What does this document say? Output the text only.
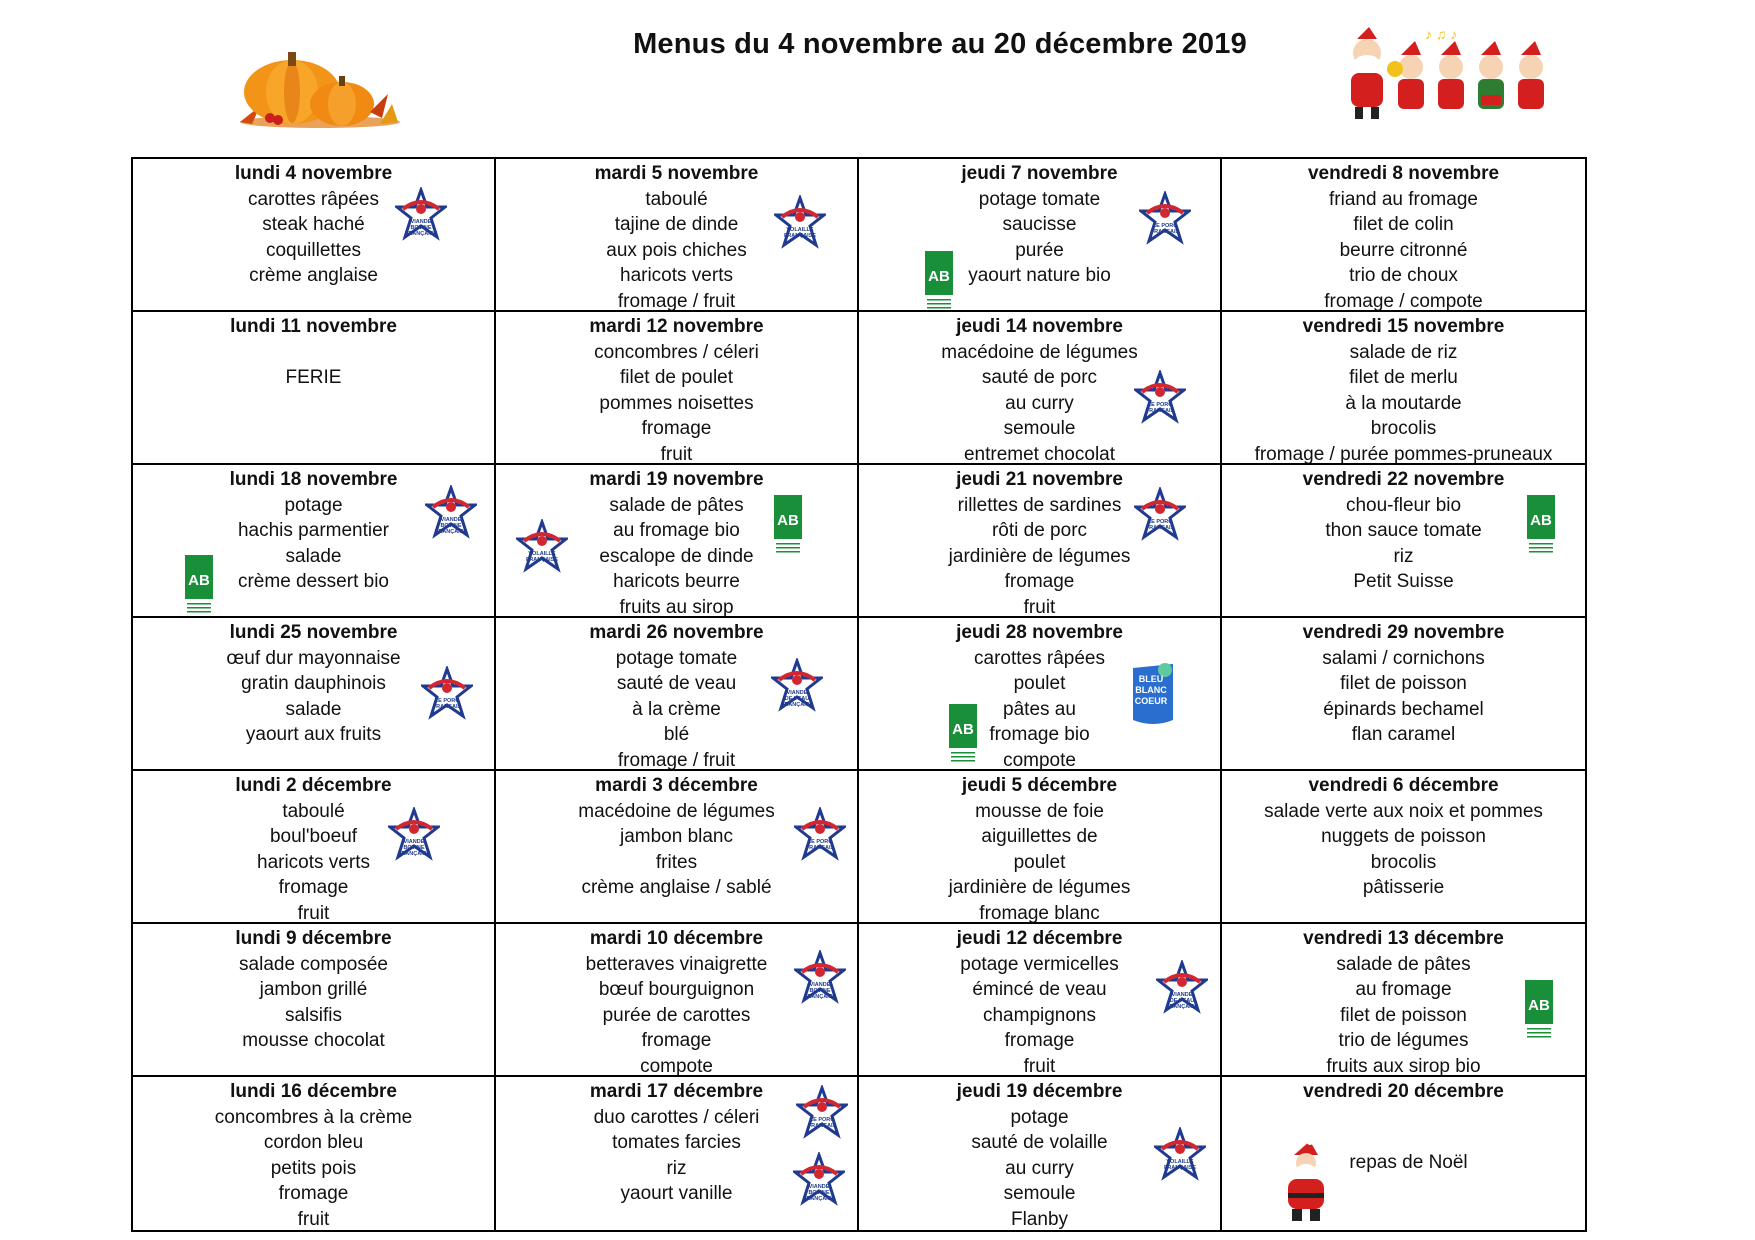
Menus du 4 novembre au 20 décembre 2019	♪ ♫ ♪
lundi 4 novembre
carottes râpées
steak haché
coquillettes
crème anglaise
VIANDE
BOVINE
FRANÇAISE
mardi 5 novembre
taboulé
tajine de dinde
aux pois chiches
haricots verts
fromage / fruit
VOLAILLE
FRANÇAISE
jeudi 7 novembre
potage tomate
saucisse
purée
yaourt nature bio
LE PORC
FRANÇAIS
AB
vendredi 8 novembre
friand au fromage
filet de colin
beurre citronné
trio de choux
fromage / compote
lundi 11 novembre
FERIE
mardi 12 novembre
concombres / céleri
filet de poulet
pommes noisettes
fromage
fruit
jeudi 14 novembre
macédoine de légumes
sauté de porc
au curry
semoule
entremet chocolat
LE PORC
FRANÇAIS
vendredi 15 novembre
salade de riz
filet de merlu
à la moutarde
brocolis
fromage / purée pommes-pruneaux
lundi 18 novembre
potage
hachis parmentier
salade
crème dessert bio
VIANDE
BOVINE
FRANÇAISE
AB
mardi 19 novembre
salade de pâtes
au fromage bio
escalope de dinde
haricots beurre
fruits au sirop
VOLAILLE
FRANÇAISE
AB
jeudi 21 novembre
rillettes de sardines
rôti de porc
jardinière de légumes
fromage
fruit
LE PORC
FRANÇAIS
vendredi 22 novembre
chou-fleur bio
thon sauce tomate
riz
Petit Suisse
AB
lundi 25 novembre
œuf dur mayonnaise
gratin dauphinois
salade
yaourt aux fruits
LE PORC
FRANÇAIS
mardi 26 novembre
potage tomate
sauté de veau
à la crème
blé
fromage / fruit
VIANDE
DE VEAU
FRANÇAISE
jeudi 28 novembre
carottes râpées
poulet
pâtes au
fromage bio
compote
BLEU
BLANC
COEUR
AB
vendredi 29 novembre
salami / cornichons
filet de poisson
épinards bechamel
flan caramel
lundi 2 décembre
taboulé
boul'boeuf
haricots verts
fromage
fruit
VIANDE
BOVINE
FRANÇAISE
mardi 3 décembre
macédoine de légumes
jambon blanc
frites
crème anglaise / sablé
LE PORC
FRANÇAIS
jeudi 5 décembre
mousse de foie
aiguillettes de
poulet
jardinière de légumes
fromage blanc
vendredi 6 décembre
salade verte aux noix et pommes
nuggets de poisson
brocolis
pâtisserie
lundi 9 décembre
salade composée
jambon grillé
salsifis
mousse chocolat
mardi 10 décembre
betteraves vinaigrette
bœuf bourguignon
purée de carottes
fromage
compote
VIANDE
BOVINE
FRANÇAISE
jeudi 12 décembre
potage vermicelles
émincé de veau
champignons
fromage
fruit
VIANDE
DE VEAU
FRANÇAISE
vendredi 13 décembre
salade de pâtes
au fromage
filet de poisson
trio de légumes
fruits aux sirop bio
AB
lundi 16 décembre
concombres à la crème
cordon bleu
petits pois
fromage
fruit
mardi 17 décembre
duo carottes / céleri
tomates farcies
riz
yaourt vanille
LE PORC
FRANÇAIS
VIANDE
BOVINE
FRANÇAISE
jeudi 19 décembre
potage
sauté de volaille
au curry
semoule
Flanby
VOLAILLE
FRANÇAISE
vendredi 20 décembre
repas de Noël
